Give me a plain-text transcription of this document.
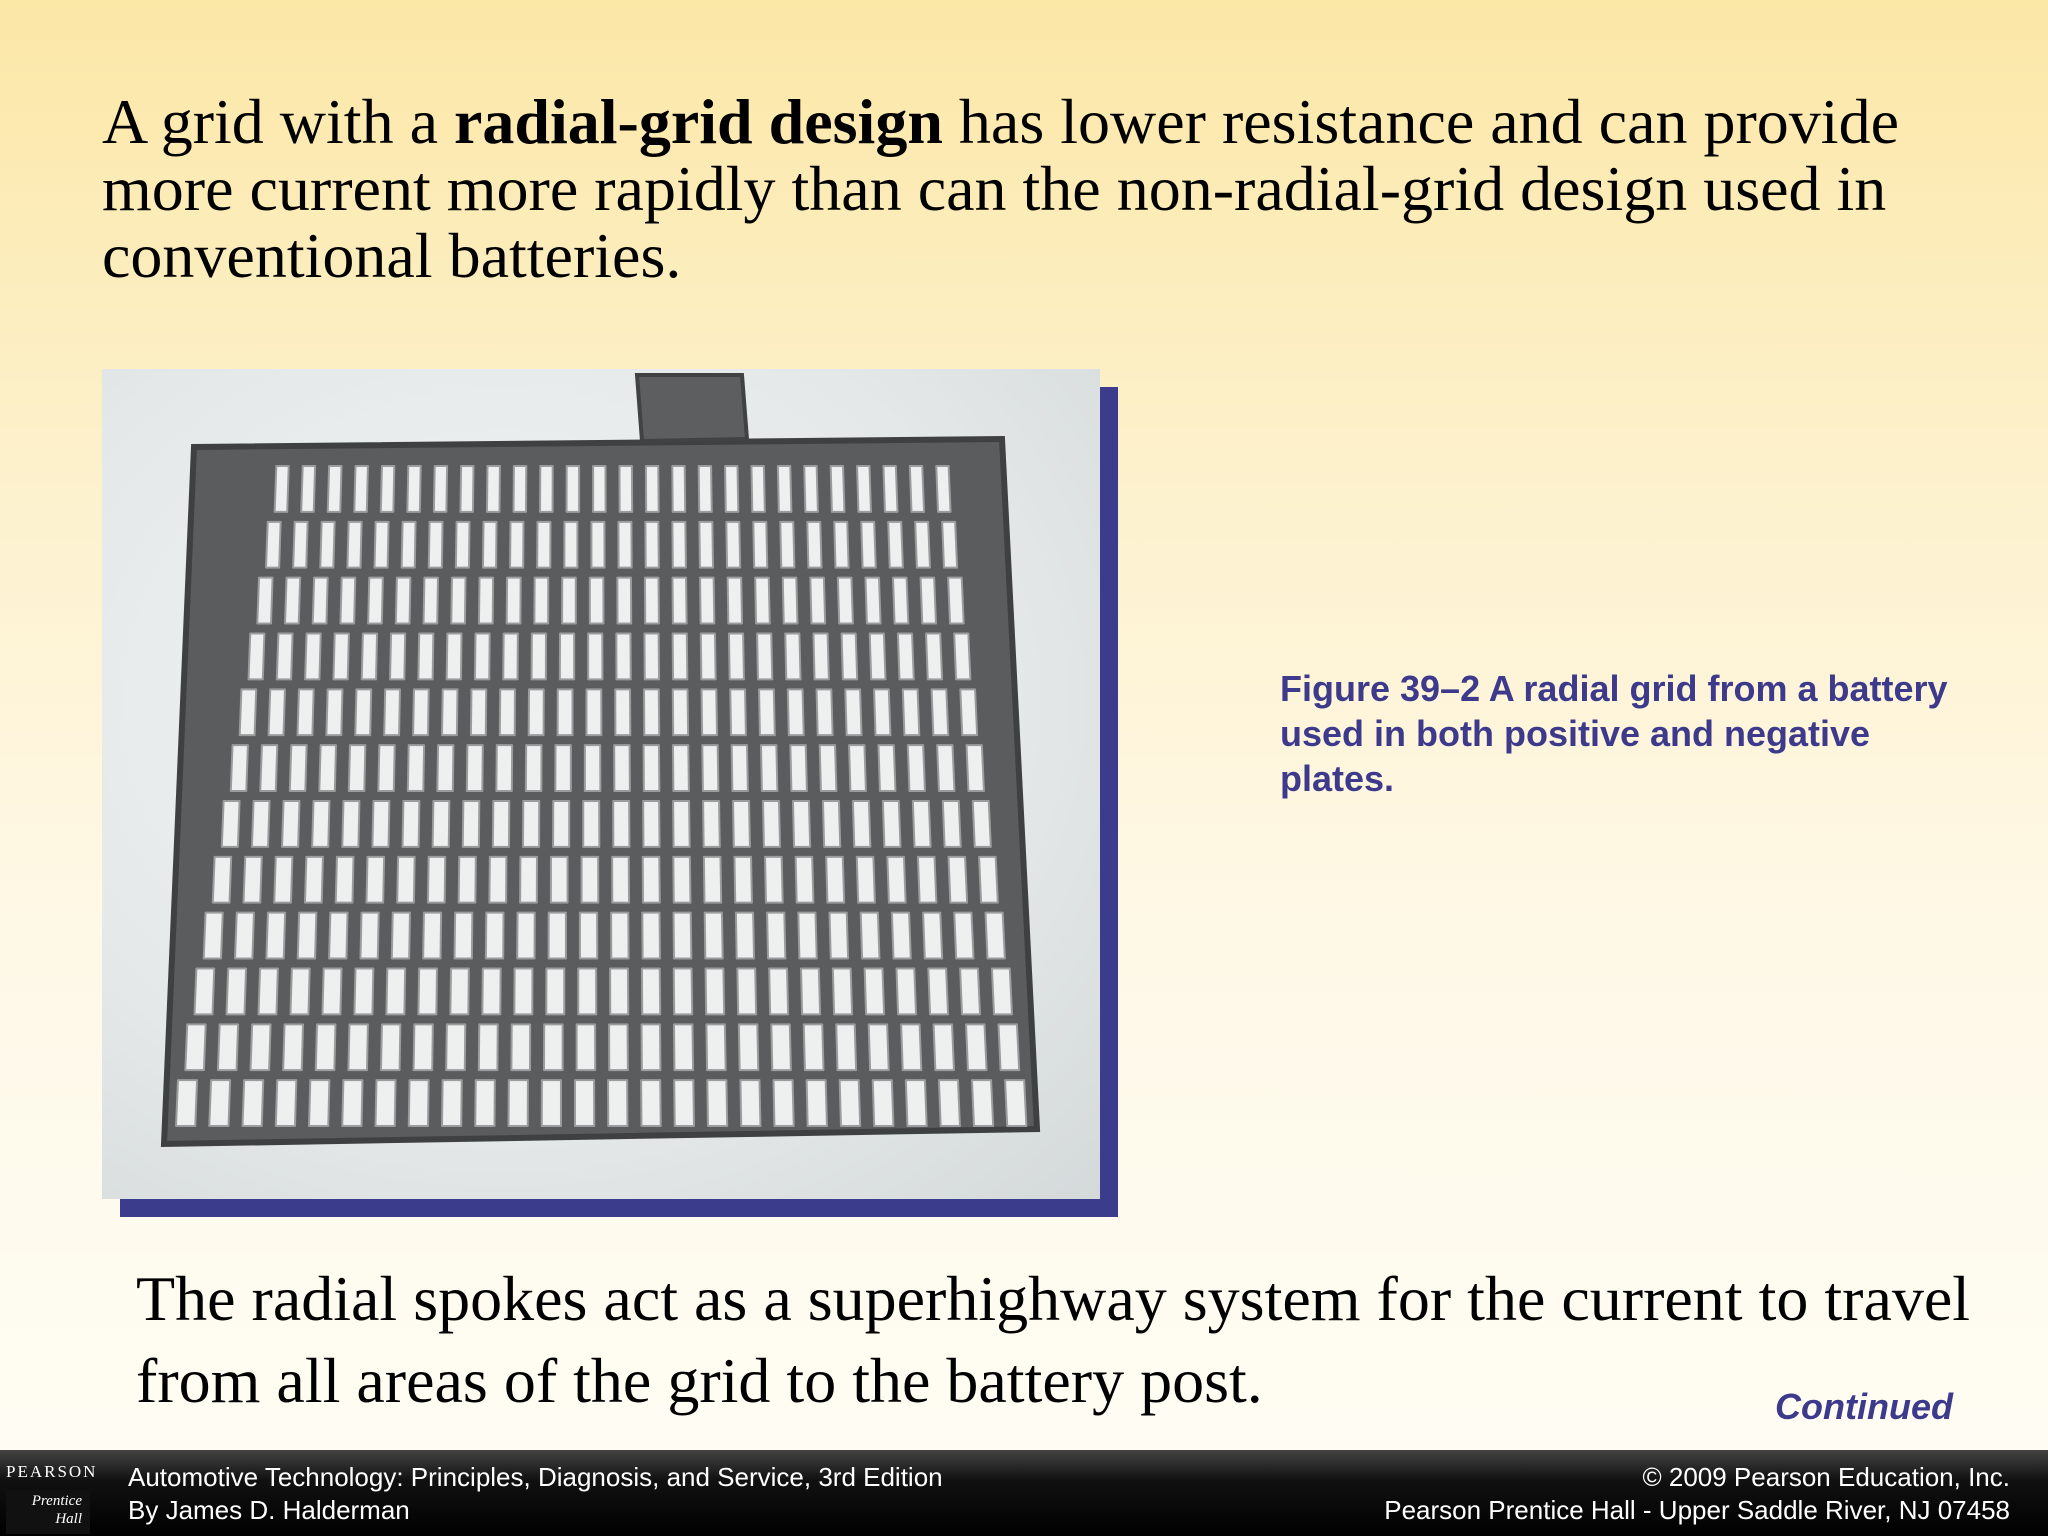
A grid with a radial-grid design has lower resistance and can provide more current more rapidly than can the non-radial-grid design used in conventional batteries.
Figure 39–2 A radial grid from a battery used in both positive and negative plates.
The radial spokes act as a superhighway system for the current to travel from all areas of the grid to the battery post.	Continued
PEARSON
Prentice Hall
Automotive Technology: Principles, Diagnosis, and Service, 3rd Edition
By James D. Halderman
© 2009 Pearson Education, Inc.
Pearson Prentice Hall - Upper Saddle River, NJ 07458
